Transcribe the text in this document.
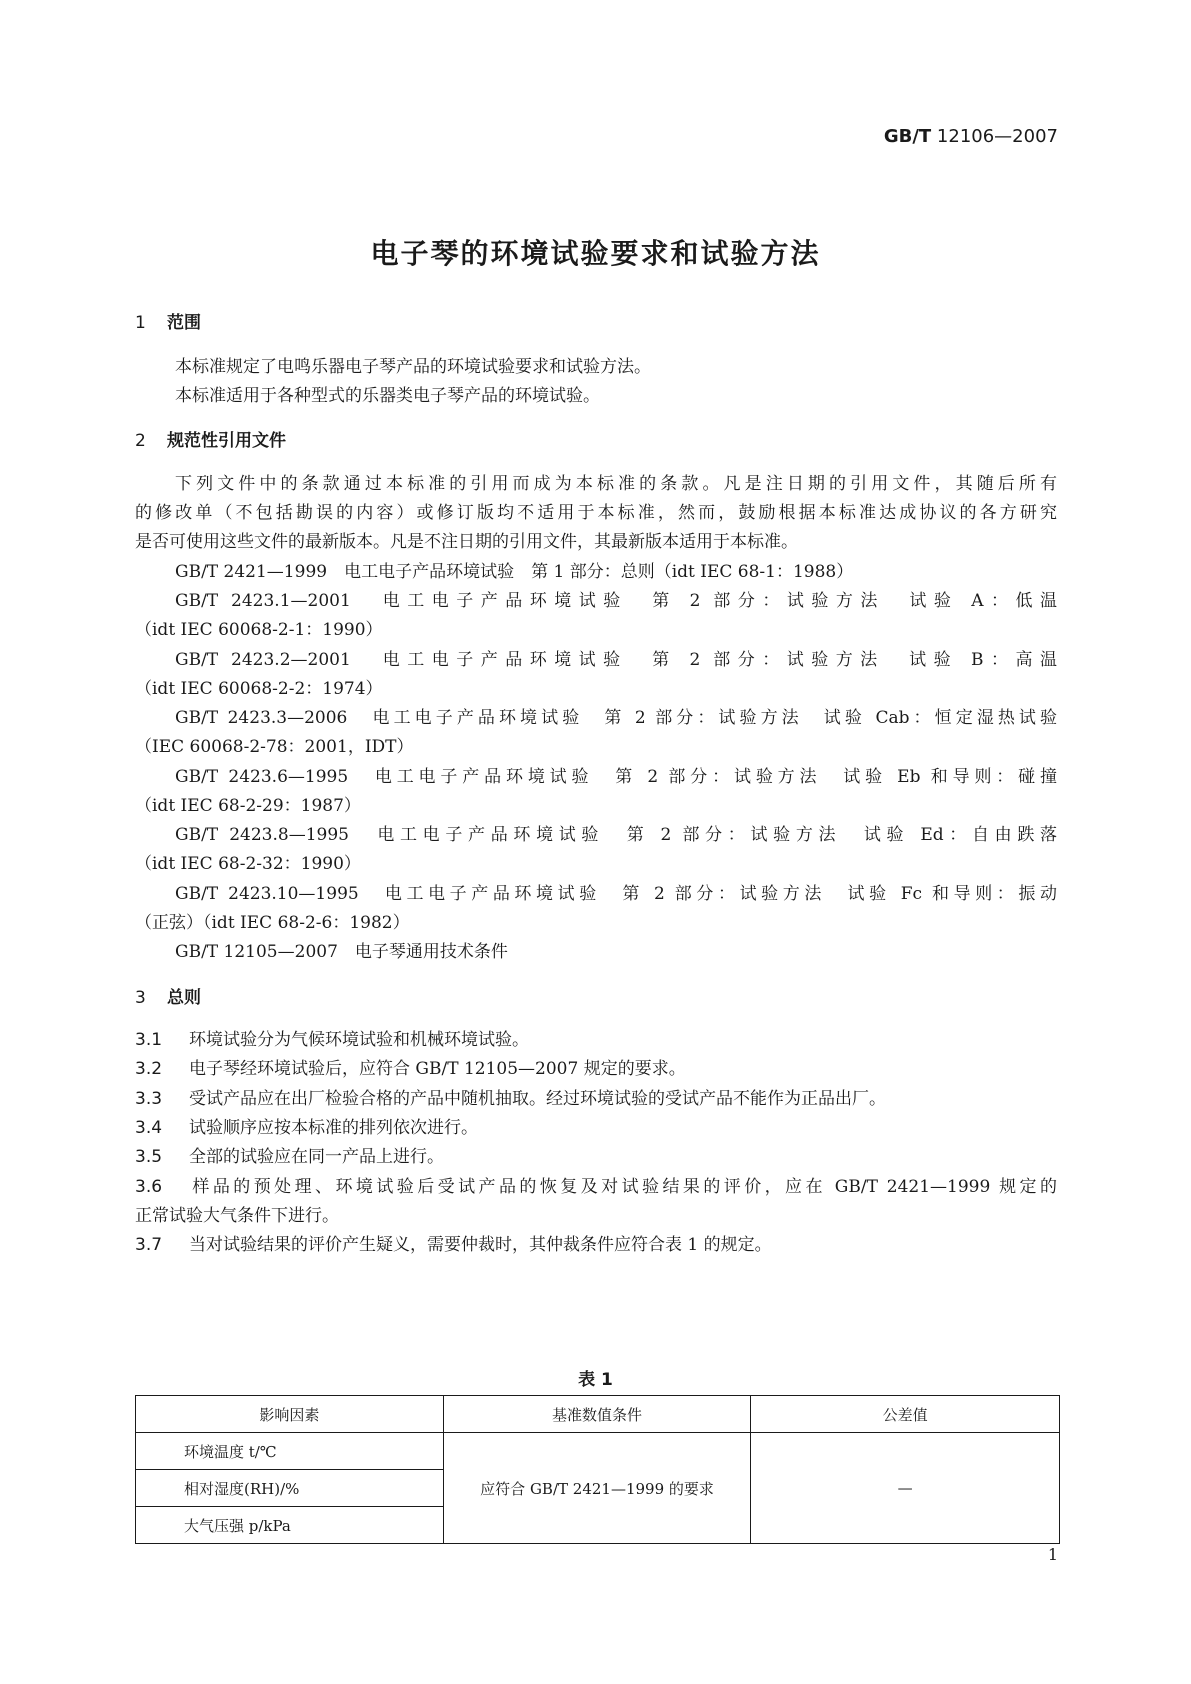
GB/T 12106—2007
电子琴的环境试验要求和试验方法
1 范围
本标准规定了电鸣乐器电子琴产品的环境试验要求和试验方法。
本标准适用于各种型式的乐器类电子琴产品的环境试验。
2 规范性引用文件
下列文件中的条款通过本标准的引用而成为本标准的条款。凡是注日期的引用文件，其随后所有
的修改单（不包括勘误的内容）或修订版均不适用于本标准，然而，鼓励根据本标准达成协议的各方研究
是否可使用这些文件的最新版本。凡是不注日期的引用文件，其最新版本适用于本标准。
GB/T 2421—1999　电工电子产品环境试验　第 1 部分：总则（idt IEC 68-1：1988）
GB/T 2423.1—2001　电工电子产品环境试验　第 2 部分：试验方法　试验 A：低温
（idt IEC 60068-2-1：1990）
GB/T 2423.2—2001　电工电子产品环境试验　第 2 部分：试验方法　试验 B：高温
（idt IEC 60068-2-2：1974）
GB/T 2423.3—2006　电工电子产品环境试验　第 2 部分：试验方法　试验 Cab：恒定湿热试验
（IEC 60068-2-78：2001，IDT）
GB/T 2423.6—1995　电工电子产品环境试验　第 2 部分：试验方法　试验 Eb 和导则：碰撞
（idt IEC 68-2-29：1987）
GB/T 2423.8—1995　电工电子产品环境试验　第 2 部分：试验方法　试验 Ed：自由跌落
（idt IEC 68-2-32：1990）
GB/T 2423.10—1995　电工电子产品环境试验　第 2 部分：试验方法　试验 Fc 和导则：振动
（正弦）（idt IEC 68-2-6：1982）
GB/T 12105—2007　电子琴通用技术条件
3 总则
3.1 环境试验分为气候环境试验和机械环境试验。
3.2 电子琴经环境试验后，应符合 GB/T 12105—2007 规定的要求。
3.3 受试产品应在出厂检验合格的产品中随机抽取。经过环境试验的受试产品不能作为正品出厂。
3.4 试验顺序应按本标准的排列依次进行。
3.5 全部的试验应在同一产品上进行。
3.6 样品的预处理、环境试验后受试产品的恢复及对试验结果的评价，应在 GB/T 2421—1999 规定的
正常试验大气条件下进行。
3.7 当对试验结果的评价产生疑义，需要仲裁时，其仲裁条件应符合表 1 的规定。
表 1
影响因素	基准数值条件	公差值
环境温度 t/℃	应符合 GB/T 2421—1999 的要求	—
相对湿度(RH)/%		
大气压强 p/kPa		
1
